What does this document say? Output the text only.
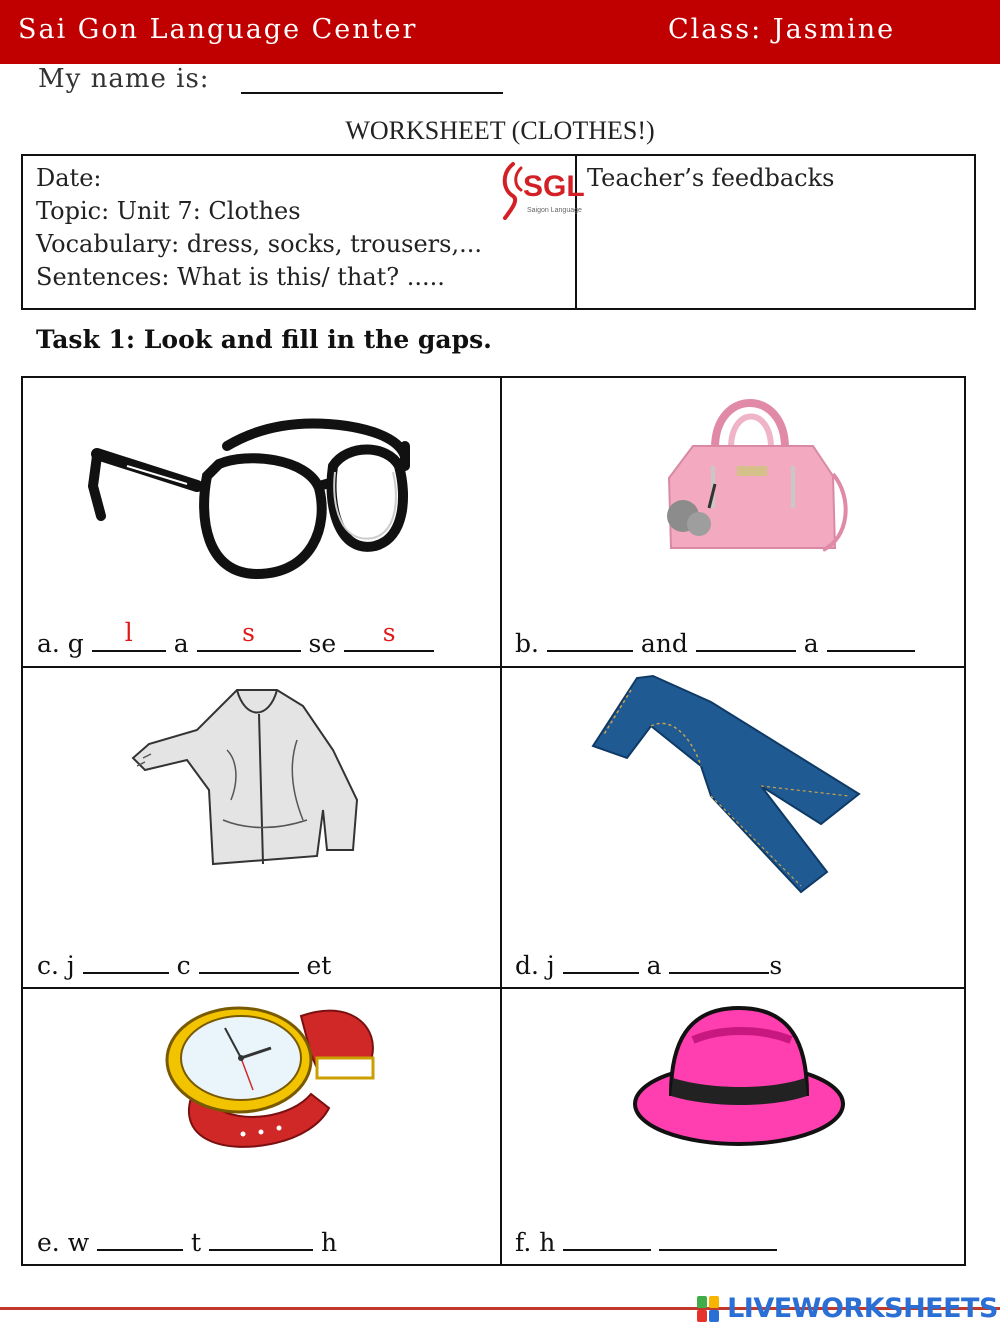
Sai Gon Language Center	Class: Jasmine
My name is:
WORKSHEET (CLOTHES!)
Date:
Topic: Unit 7: Clothes
Vocabulary: dress, socks, trousers,...
Sentences: What is this/ that? .....
SGL
Saigon Language
Teacher’s feedbacks
Task 1: Look and fill in the gaps.
a. g	l	a	s	se	s	b.	and	a
c. j	c	et	d. j	a	s
e. w	t	h	f. h
LIVEWORKSHEETS
